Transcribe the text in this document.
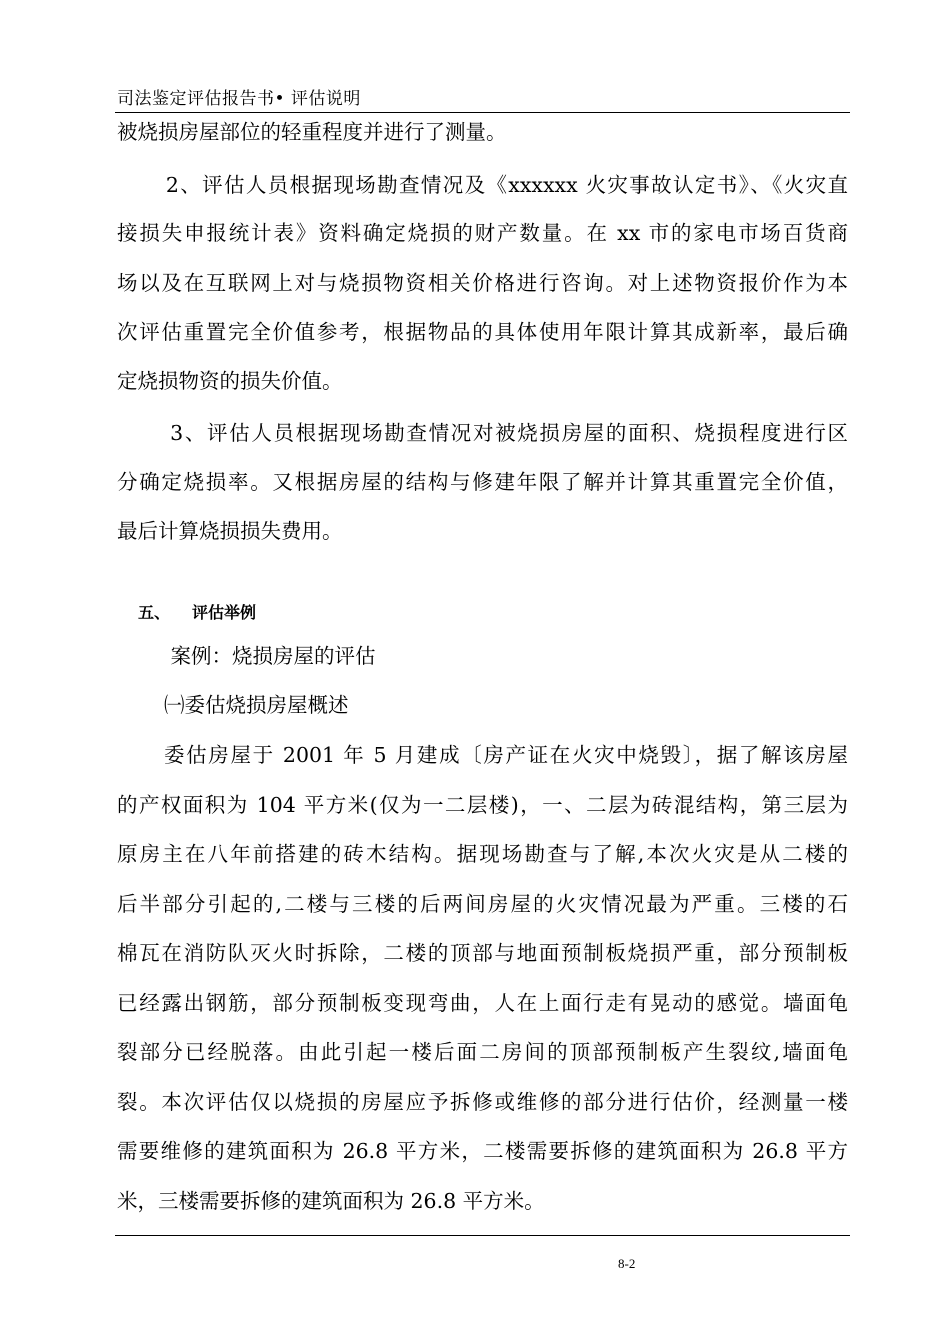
司法鉴定评估报告书• 评估说明
被烧损房屋部位的轻重程度并进行了测量。
　2、评估人员根据现场勘查情况及《xxxxxx 火灾事故认定书》、《火灾直
接损失申报统计表》资料确定烧损的财产数量。在 xx 市的家电市场百货商
场以及在互联网上对与烧损物资相关价格进行咨询。对上述物资报价作为本
次评估重置完全价值参考，根据物品的具体使用年限计算其成新率，最后确
定烧损物资的损失价值。
　3、评估人员根据现场勘查情况对被烧损房屋的面积、烧损程度进行区
分确定烧损率。又根据房屋的结构与修建年限了解并计算其重置完全价值，
最后计算烧损损失费用。
五、 评估举例
　案例：烧损房屋的评估
㈠委估烧损房屋概述
委估房屋于 2001 年 5 月建成〔房产证在火灾中烧毁〕，据了解该房屋
的产权面积为 104 平方米(仅为一二层楼)，一、二层为砖混结构，第三层为
原房主在八年前搭建的砖木结构。据现场勘查与了解,本次火灾是从二楼的
后半部分引起的,二楼与三楼的后两间房屋的火灾情况最为严重。三楼的石
棉瓦在消防队灭火时拆除，二楼的顶部与地面预制板烧损严重，部分预制板
已经露出钢筋，部分预制板变现弯曲，人在上面行走有晃动的感觉。墙面龟
裂部分已经脱落。由此引起一楼后面二房间的顶部预制板产生裂纹,墙面龟
裂。本次评估仅以烧损的房屋应予拆修或维修的部分进行估价，经测量一楼
需要维修的建筑面积为 26.8 平方米，二楼需要拆修的建筑面积为 26.8 平方
米，三楼需要拆修的建筑面积为 26.8 平方米。
8-2
